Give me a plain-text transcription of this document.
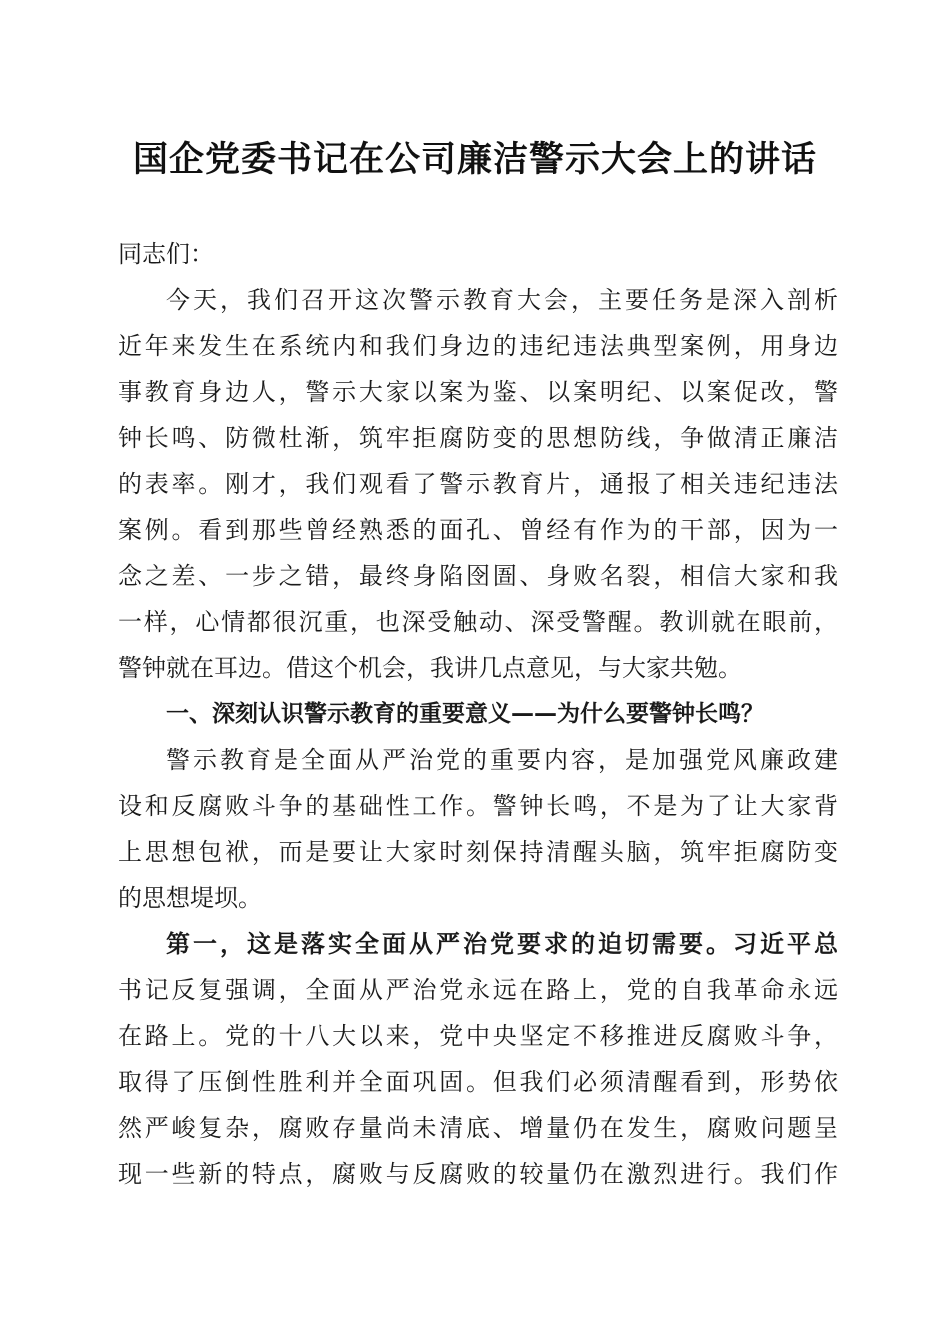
国企党委书记在公司廉洁警示大会上的讲话
同志们：
今天，我们召开这次警示教育大会，主要任务是深入剖析
近年来发生在系统内和我们身边的违纪违法典型案例，用身边
事教育身边人，警示大家以案为鉴、以案明纪、以案促改，警
钟长鸣、防微杜渐，筑牢拒腐防变的思想防线，争做清正廉洁
的表率。刚才，我们观看了警示教育片，通报了相关违纪违法
案例。看到那些曾经熟悉的面孔、曾经有作为的干部，因为一
念之差、一步之错，最终身陷囹圄、身败名裂，相信大家和我
一样，心情都很沉重，也深受触动、深受警醒。教训就在眼前，
警钟就在耳边。借这个机会，我讲几点意见，与大家共勉。
一、深刻认识警示教育的重要意义——为什么要警钟长鸣？
警示教育是全面从严治党的重要内容，是加强党风廉政建
设和反腐败斗争的基础性工作。警钟长鸣，不是为了让大家背
上思想包袱，而是要让大家时刻保持清醒头脑，筑牢拒腐防变
的思想堤坝。
第一，这是落实全面从严治党要求的迫切需要。习近平总
书记反复强调，全面从严治党永远在路上，党的自我革命永远
在路上。党的十八大以来，党中央坚定不移推进反腐败斗争，
取得了压倒性胜利并全面巩固。但我们必须清醒看到，形势依
然严峻复杂，腐败存量尚未清底、增量仍在发生，腐败问题呈
现一些新的特点，腐败与反腐败的较量仍在激烈进行。我们作
